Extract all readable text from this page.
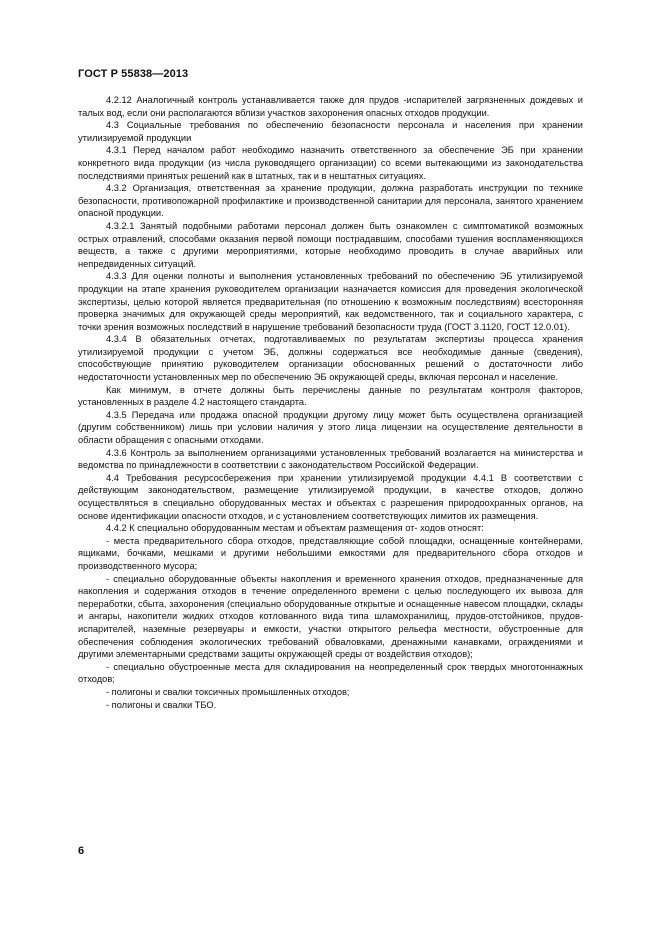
ГОСТ Р 55838—2013

4.2.12 Аналогичный контроль устанавливается также для прудов -испарителей загрязненных дождевых и талых вод, если они располагаются вблизи участков захоронения опасных отходов продукции.

4.3 Социальные требования по обеспечению безопасности персонала и населения при хранении утилизируемой продукции

4.3.1 Перед началом работ необходимо назначить ответственного за обеспечение ЭБ при хранении конкретного вида продукции (из числа руководящего организации) со всеми вытекающими из законодательства последствиями принятых решений как в штатных, так и в нештатных ситуациях.

4.3.2 Организация, ответственная за хранение продукции, должна разработать инструкции по технике безопасности, противопожарной профилактике и производственной санитарии для персонала, занятого хранением опасной продукции.

4.3.2.1 Занятый подобными работами персонал должен быть ознакомлен с симптоматикой возможных острых отравлений, способами оказания первой помощи пострадавшим, способами тушения воспламеняющихся веществ, а также с другими мероприятиями, которые необходимо проводить в случае аварийных или непредвиденных ситуаций.

4.3.3 Для оценки полноты и выполнения установленных требований по обеспечению ЭБ утилизируемой продукции на этапе хранения руководителем организации назначается комиссия для проведения экологической экспертизы, целью которой является предварительная (по отношению к возможным последствиям) всесторонняя проверка значимых для окружающей среды мероприятий, как ведомственного, так и социального характера, с точки зрения возможных последствий в нарушение требований безопасности труда (ГОСТ 3.1120, ГОСТ 12.0.01).

4.3.4 В обязательных отчетах, подготавливаемых по результатам экспертизы процесса хранения утилизируемой продукции с учетом ЭБ, должны содержаться все необходимые данные (сведения), способствующие принятию руководителем организации обоснованных решений о достаточности либо недостаточности установленных мер по обеспечению ЭБ окружающей среды, включая персонал и население.

Как минимум, в отчете должны быть перечислены данные по результатам контроля факторов, установленных в разделе 4.2 настоящего стандарта.

4.3.5 Передача или продажа опасной продукции другому лицу может быть осуществлена организацией (другим собственником) лишь при условии наличия у этого лица лицензии на осуществление деятельности в области обращения с опасными отходами.

4.3.6 Контроль за выполнением организациями установленных требований возлагается на министерства и ведомства по принадлежности в соответствии с законодательством Российской Федерации.

4.4 Требования ресурсосбережения при хранении утилизируемой продукции 4.4.1 В соответствии с действующим законодательством, размещение утилизируемой продукции, в качестве отходов, должно осуществляться в специально оборудованных местах и объектах с разрешения природоохранных органов, на основе идентификации опасности отходов, и с установлением соответствующих лимитов их размещения.

4.4.2 К специально оборудованным местам и объектам размещения от- ходов относят:

- места предварительного сбора отходов, представляющие собой площадки, оснащенные контейнерами, ящиками, бочками, мешками и другими небольшими емкостями для предварительного сбора отходов и производственного мусора;

- специально оборудованные объекты накопления и временного хранения отходов, предназначенные для накопления и содержания отходов в течение определенного времени с целью последующего их вывоза для переработки, сбыта, захоронения (специально оборудованные открытые и оснащенные навесом площадки, склады и ангары, накопители жидких отходов котлованного вида типа шламохранилищ, прудов-отстойников, прудов-испарителей, наземные резервуары и емкости, участки открытого рельефа местности, обустроенные для обеспечения соблюдения экологических требований обваловками, дренажными канавками, ограждениями и другими элементарными средствами защиты окружающей среды от воздействия отходов);

- специально обустроенные места для складирования на неопределенный срок твердых многотоннажных отходов;

- полигоны и свалки токсичных промышленных отходов;

- полигоны и свалки ТБО.

6
